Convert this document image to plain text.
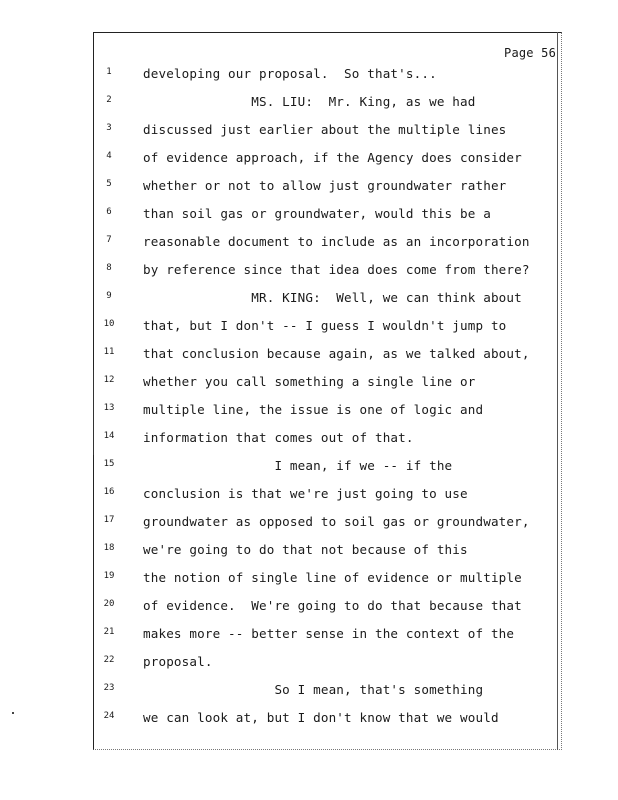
Page 56
1	developing our proposal.  So that's...
2	MS. LIU:  Mr. King, as we had
3	discussed just earlier about the multiple lines
4	of evidence approach, if the Agency does consider
5	whether or not to allow just groundwater rather
6	than soil gas or groundwater, would this be a
7	reasonable document to include as an incorporation
8	by reference since that idea does come from there?
9	MR. KING:  Well, we can think about
10	that, but I don't -- I guess I wouldn't jump to
11	that conclusion because again, as we talked about,
12	whether you call something a single line or
13	multiple line, the issue is one of logic and
14	information that comes out of that.
15	I mean, if we -- if the
16	conclusion is that we're just going to use
17	groundwater as opposed to soil gas or groundwater,
18	we're going to do that not because of this
19	the notion of single line of evidence or multiple
20	of evidence.  We're going to do that because that
21	makes more -- better sense in the context of the
22	proposal.
23	So I mean, that's something
24	we can look at, but I don't know that we would
